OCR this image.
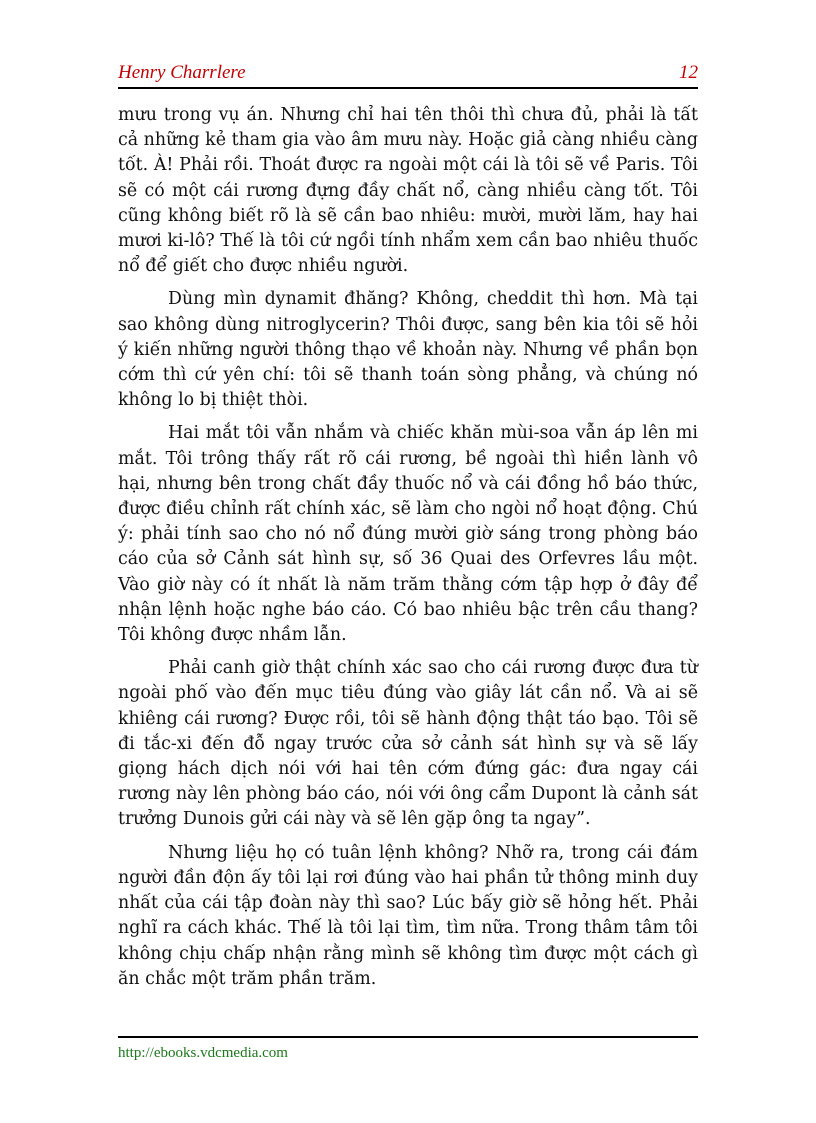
Henry Charrlere	12

mưu trong vụ án. Nhưng chỉ hai tên thôi thì chưa đủ, phải là tất cả những kẻ tham gia vào âm mưu này. Hoặc giả càng nhiều càng tốt. À! Phải rồi. Thoát được ra ngoài một cái là tôi sẽ về Paris. Tôi sẽ có một cái rương đựng đầy chất nổ, càng nhiều càng tốt. Tôi cũng không biết rõ là sẽ cần bao nhiêu: mười, mười lăm, hay hai mươi ki-lô? Thế là tôi cứ ngồi tính nhẩm xem cần bao nhiêu thuốc nổ để giết cho được nhiều người.

Dùng mìn dynamit đhăng? Không, cheddit thì hơn. Mà tại sao không dùng nitroglycerin? Thôi được, sang bên kia tôi sẽ hỏi ý kiến những người thông thạo về khoản này. Nhưng về phần bọn cớm thì cứ yên chí: tôi sẽ thanh toán sòng phẳng, và chúng nó không lo bị thiệt thòi.

Hai mắt tôi vẫn nhắm và chiếc khăn mùi-soa vẫn áp lên mi mắt. Tôi trông thấy rất rõ cái rương, bề ngoài thì hiền lành vô hại, nhưng bên trong chất đầy thuốc nổ và cái đồng hồ báo thức, được điều chỉnh rất chính xác, sẽ làm cho ngòi nổ hoạt động. Chú ý: phải tính sao cho nó nổ đúng mười giờ sáng trong phòng báo cáo của sở Cảnh sát hình sự, số 36 Quai des Orfevres lầu một. Vào giờ này có ít nhất là năm trăm thằng cớm tập hợp ở đây để nhận lệnh hoặc nghe báo cáo. Có bao nhiêu bậc trên cầu thang? Tôi không được nhầm lẫn.

Phải canh giờ thật chính xác sao cho cái rương được đưa từ ngoài phố vào đến mục tiêu đúng vào giây lát cần nổ. Và ai sẽ khiêng cái rương? Được rồi, tôi sẽ hành động thật táo bạo. Tôi sẽ đi tắc-xi đến đỗ ngay trước cửa sở cảnh sát hình sự và sẽ lấy giọng hách dịch nói với hai tên cớm đứng gác: đưa ngay cái rương này lên phòng báo cáo, nói với ông cẩm Dupont là cảnh sát trưởng Dunois gửi cái này và sẽ lên gặp ông ta ngay”.

Nhưng liệu họ có tuân lệnh không? Nhỡ ra, trong cái đám người đần độn ấy tôi lại rơi đúng vào hai phần tử thông minh duy nhất của cái tập đoàn này thì sao? Lúc bấy giờ sẽ hỏng hết. Phải nghĩ ra cách khác. Thế là tôi lại tìm, tìm nữa. Trong thâm tâm tôi không chịu chấp nhận rằng mình sẽ không tìm được một cách gì ăn chắc một trăm phần trăm.

http://ebooks.vdcmedia.com
